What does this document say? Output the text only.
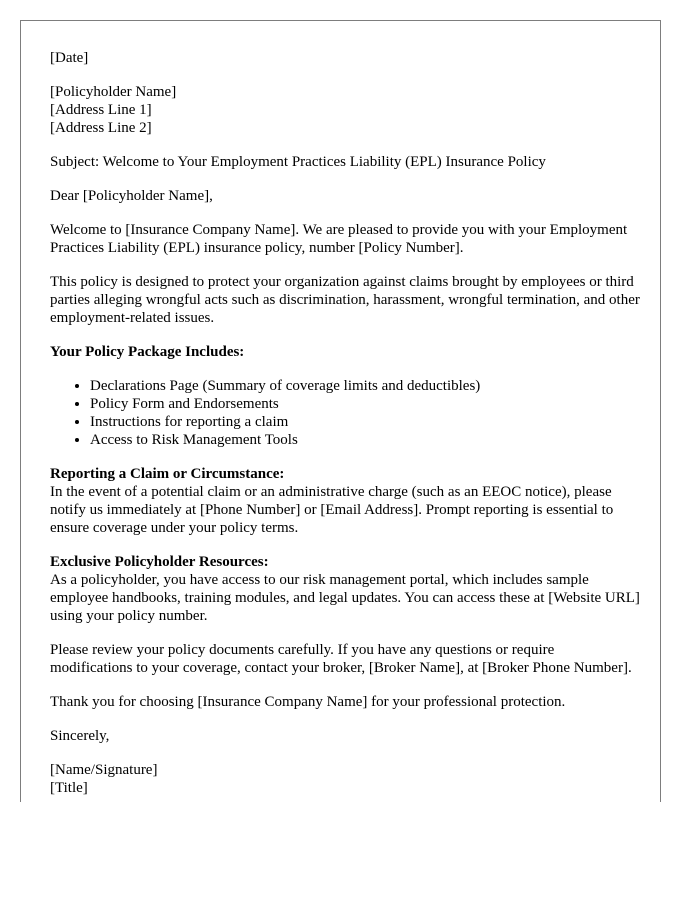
[Date]

[Policyholder Name]
[Address Line 1]
[Address Line 2]

Subject: Welcome to Your Employment Practices Liability (EPL) Insurance Policy

Dear [Policyholder Name],

Welcome to [Insurance Company Name]. We are pleased to provide you with your Employment Practices Liability (EPL) insurance policy, number [Policy Number].

This policy is designed to protect your organization against claims brought by employees or third parties alleging wrongful acts such as discrimination, harassment, wrongful termination, and other employment-related issues.

Your Policy Package Includes:

• Declarations Page (Summary of coverage limits and deductibles)
• Policy Form and Endorsements
• Instructions for reporting a claim
• Access to Risk Management Tools
Reporting a Claim or Circumstance:
In the event of a potential claim or an administrative charge (such as an EEOC notice), please notify us immediately at [Phone Number] or [Email Address]. Prompt reporting is essential to ensure coverage under your policy terms.
Exclusive Policyholder Resources:
As a policyholder, you have access to our risk management portal, which includes sample employee handbooks, training modules, and legal updates. You can access these at [Website URL] using your policy number.

Please review your policy documents carefully. If you have any questions or require modifications to your coverage, contact your broker, [Broker Name], at [Broker Phone Number].

Thank you for choosing [Insurance Company Name] for your professional protection.

Sincerely,

[Name/Signature]
[Title]
